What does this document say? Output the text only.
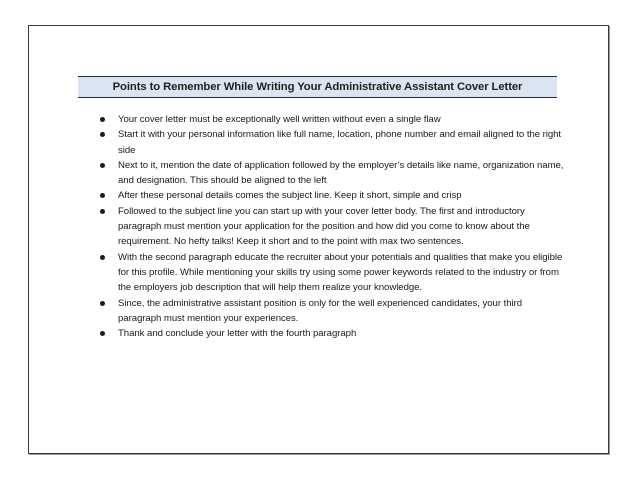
Points to Remember While Writing Your Administrative Assistant Cover Letter
Your cover letter must be exceptionally well written without even a single flaw
Start it with your personal information like full name, location, phone number and email aligned to the right side
Next to it, mention the date of application followed by the employer’s details like name, organization name, and designation. This should be aligned to the left
After these personal details comes the subject line. Keep it short, simple and crisp
Followed to the subject line you can start up with your cover letter body. The first and introductory paragraph must mention your application for the position and how did you come to know about the requirement. No hefty talks! Keep it short and to the point with max two sentences.
With the second paragraph educate the recruiter about your potentials and qualities that make you eligible for this profile. While mentioning your skills try using some power keywords related to the industry or from the employers job description that will help them realize your knowledge.
Since, the administrative assistant position is only for the well experienced candidates, your third paragraph must mention your experiences.
Thank and conclude your letter with the fourth paragraph
